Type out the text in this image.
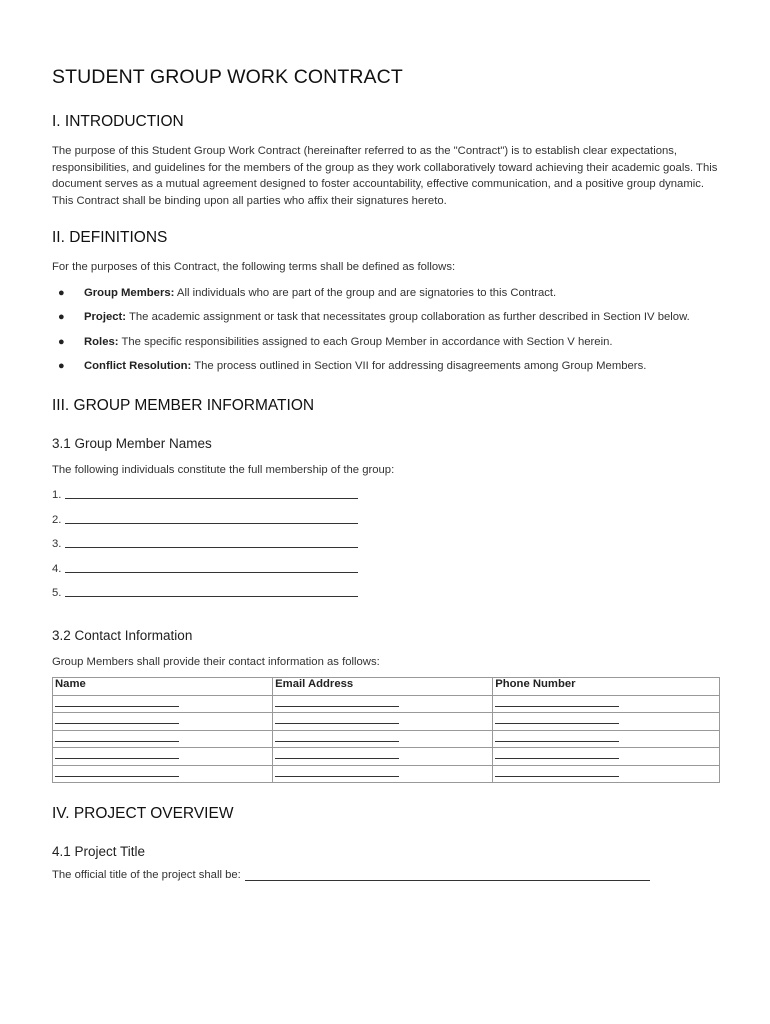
STUDENT GROUP WORK CONTRACT
I. INTRODUCTION

The purpose of this Student Group Work Contract (hereinafter referred to as the "Contract") is to establish clear expectations, responsibilities, and guidelines for the members of the group as they work collaboratively toward achieving their academic goals. This document serves as a mutual agreement designed to foster accountability, effective communication, and a positive group dynamic. This Contract shall be binding upon all parties who affix their signatures hereto.

II. DEFINITIONS

For the purposes of this Contract, the following terms shall be defined as follows:

● Group Members: All individuals who are part of the group and are signatories to this Contract.
● Project: The academic assignment or task that necessitates group collaboration as further described in Section IV below.
● Roles: The specific responsibilities assigned to each Group Member in accordance with Section V herein.
● Conflict Resolution: The process outlined in Section VII for addressing disagreements among Group Members.
III. GROUP MEMBER INFORMATION
3.1 Group Member Names

The following individuals constitute the full membership of the group:

1.
2.
3.
4.
5.
3.2 Contact Information

Group Members shall provide their contact information as follows:

Name	Email Address	Phone Number

IV. PROJECT OVERVIEW
4.1 Project Title
The official title of the project shall be:
